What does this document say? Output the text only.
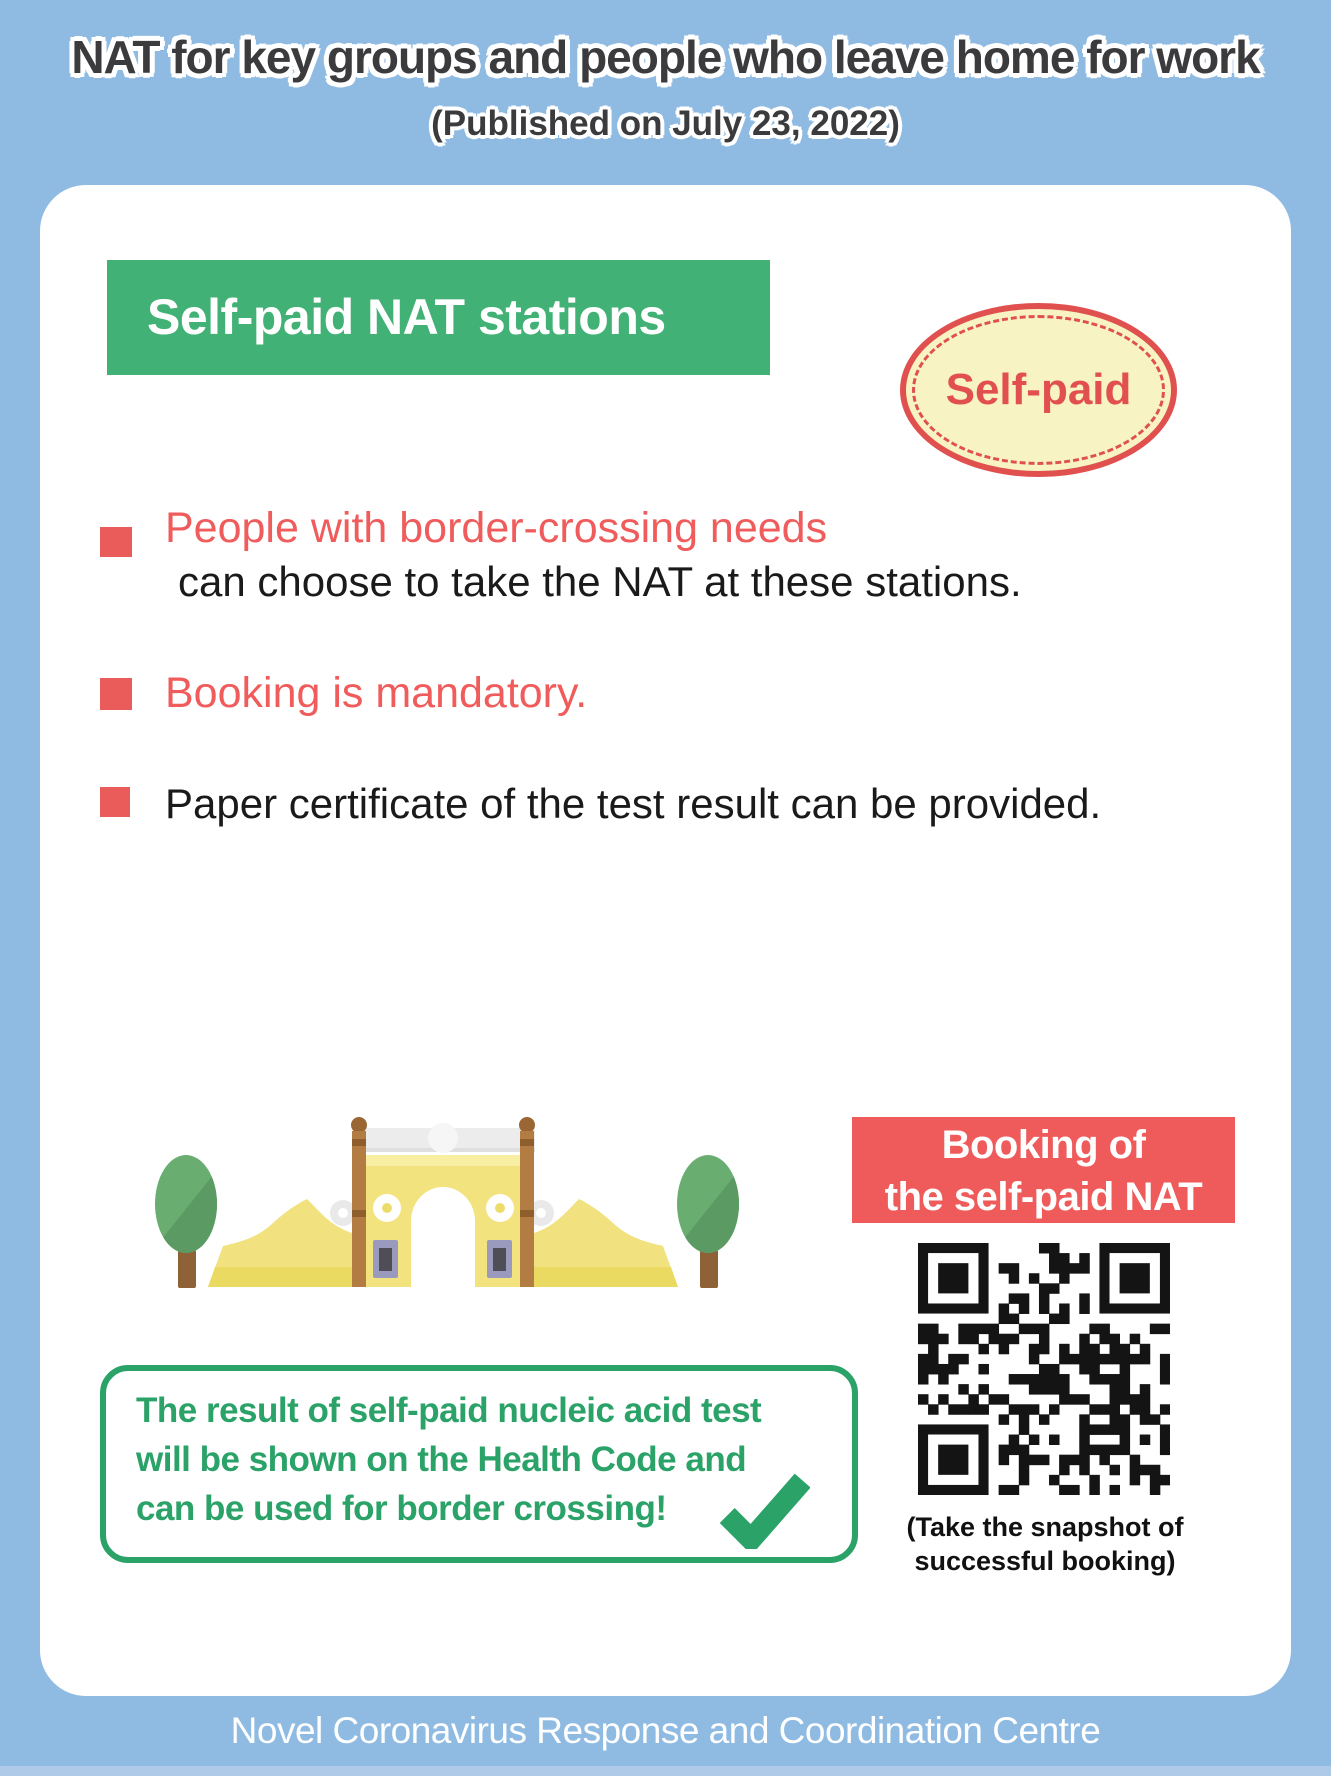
NAT for key groups and people who leave home for work
(Published on July 23, 2022)
Self-paid NAT stations
Self-paid
People with border-crossing needs
can choose to take the NAT at these stations.
Booking is mandatory.
Paper certificate of the test result can be provided.
Booking of
the self-paid NAT
(Take the snapshot of
successful booking)
The result of self-paid nucleic acid test
will be shown on the Health Code and
can be used for border crossing!
Novel Coronavirus Response and Coordination Centre
